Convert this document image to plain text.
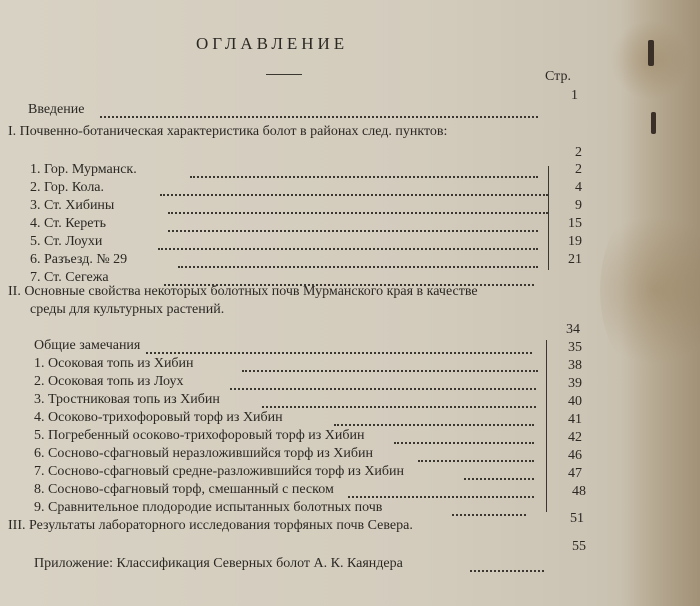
ОГЛАВЛЕНИЕ
Стр.
Введение
1
I. Почвенно-ботаническая характеристика болот в районах след. пунктов:
2
1. Гор. Мурманск.
2. Гор. Кола.
3. Ст. Хибины
4. Ст. Кереть
5. Ст. Лоухи
6. Разъезд. № 29
7. Ст. Сегежа
2
4
9
15
19
21
II. Основные свойства некоторых болотных почв Мурманского края в качестве
среды для культурных растений.
34
Общие замечания
1. Осоковая топь из Хибин
2. Осоковая топь из Лоух
3. Тростниковая топь из Хибин
4. Осоково-трихофоровый торф из Хибин
5. Погребенный осоково-трихофоровый торф из Хибин
6. Сосново-сфагновый неразложившийся торф из Хибин
7. Сосново-сфагновый средне-разложившийся торф из Хибин
8. Сосново-сфагновый торф, смешанный с песком
9. Сравнительное плодородие испытанных болотных почв
35
38
39
40
41
42
46
47
48
51
III. Результаты лабораторного исследования торфяных почв Севера.
Приложение: Классификация Северных болот А. К. Каяндера
55
